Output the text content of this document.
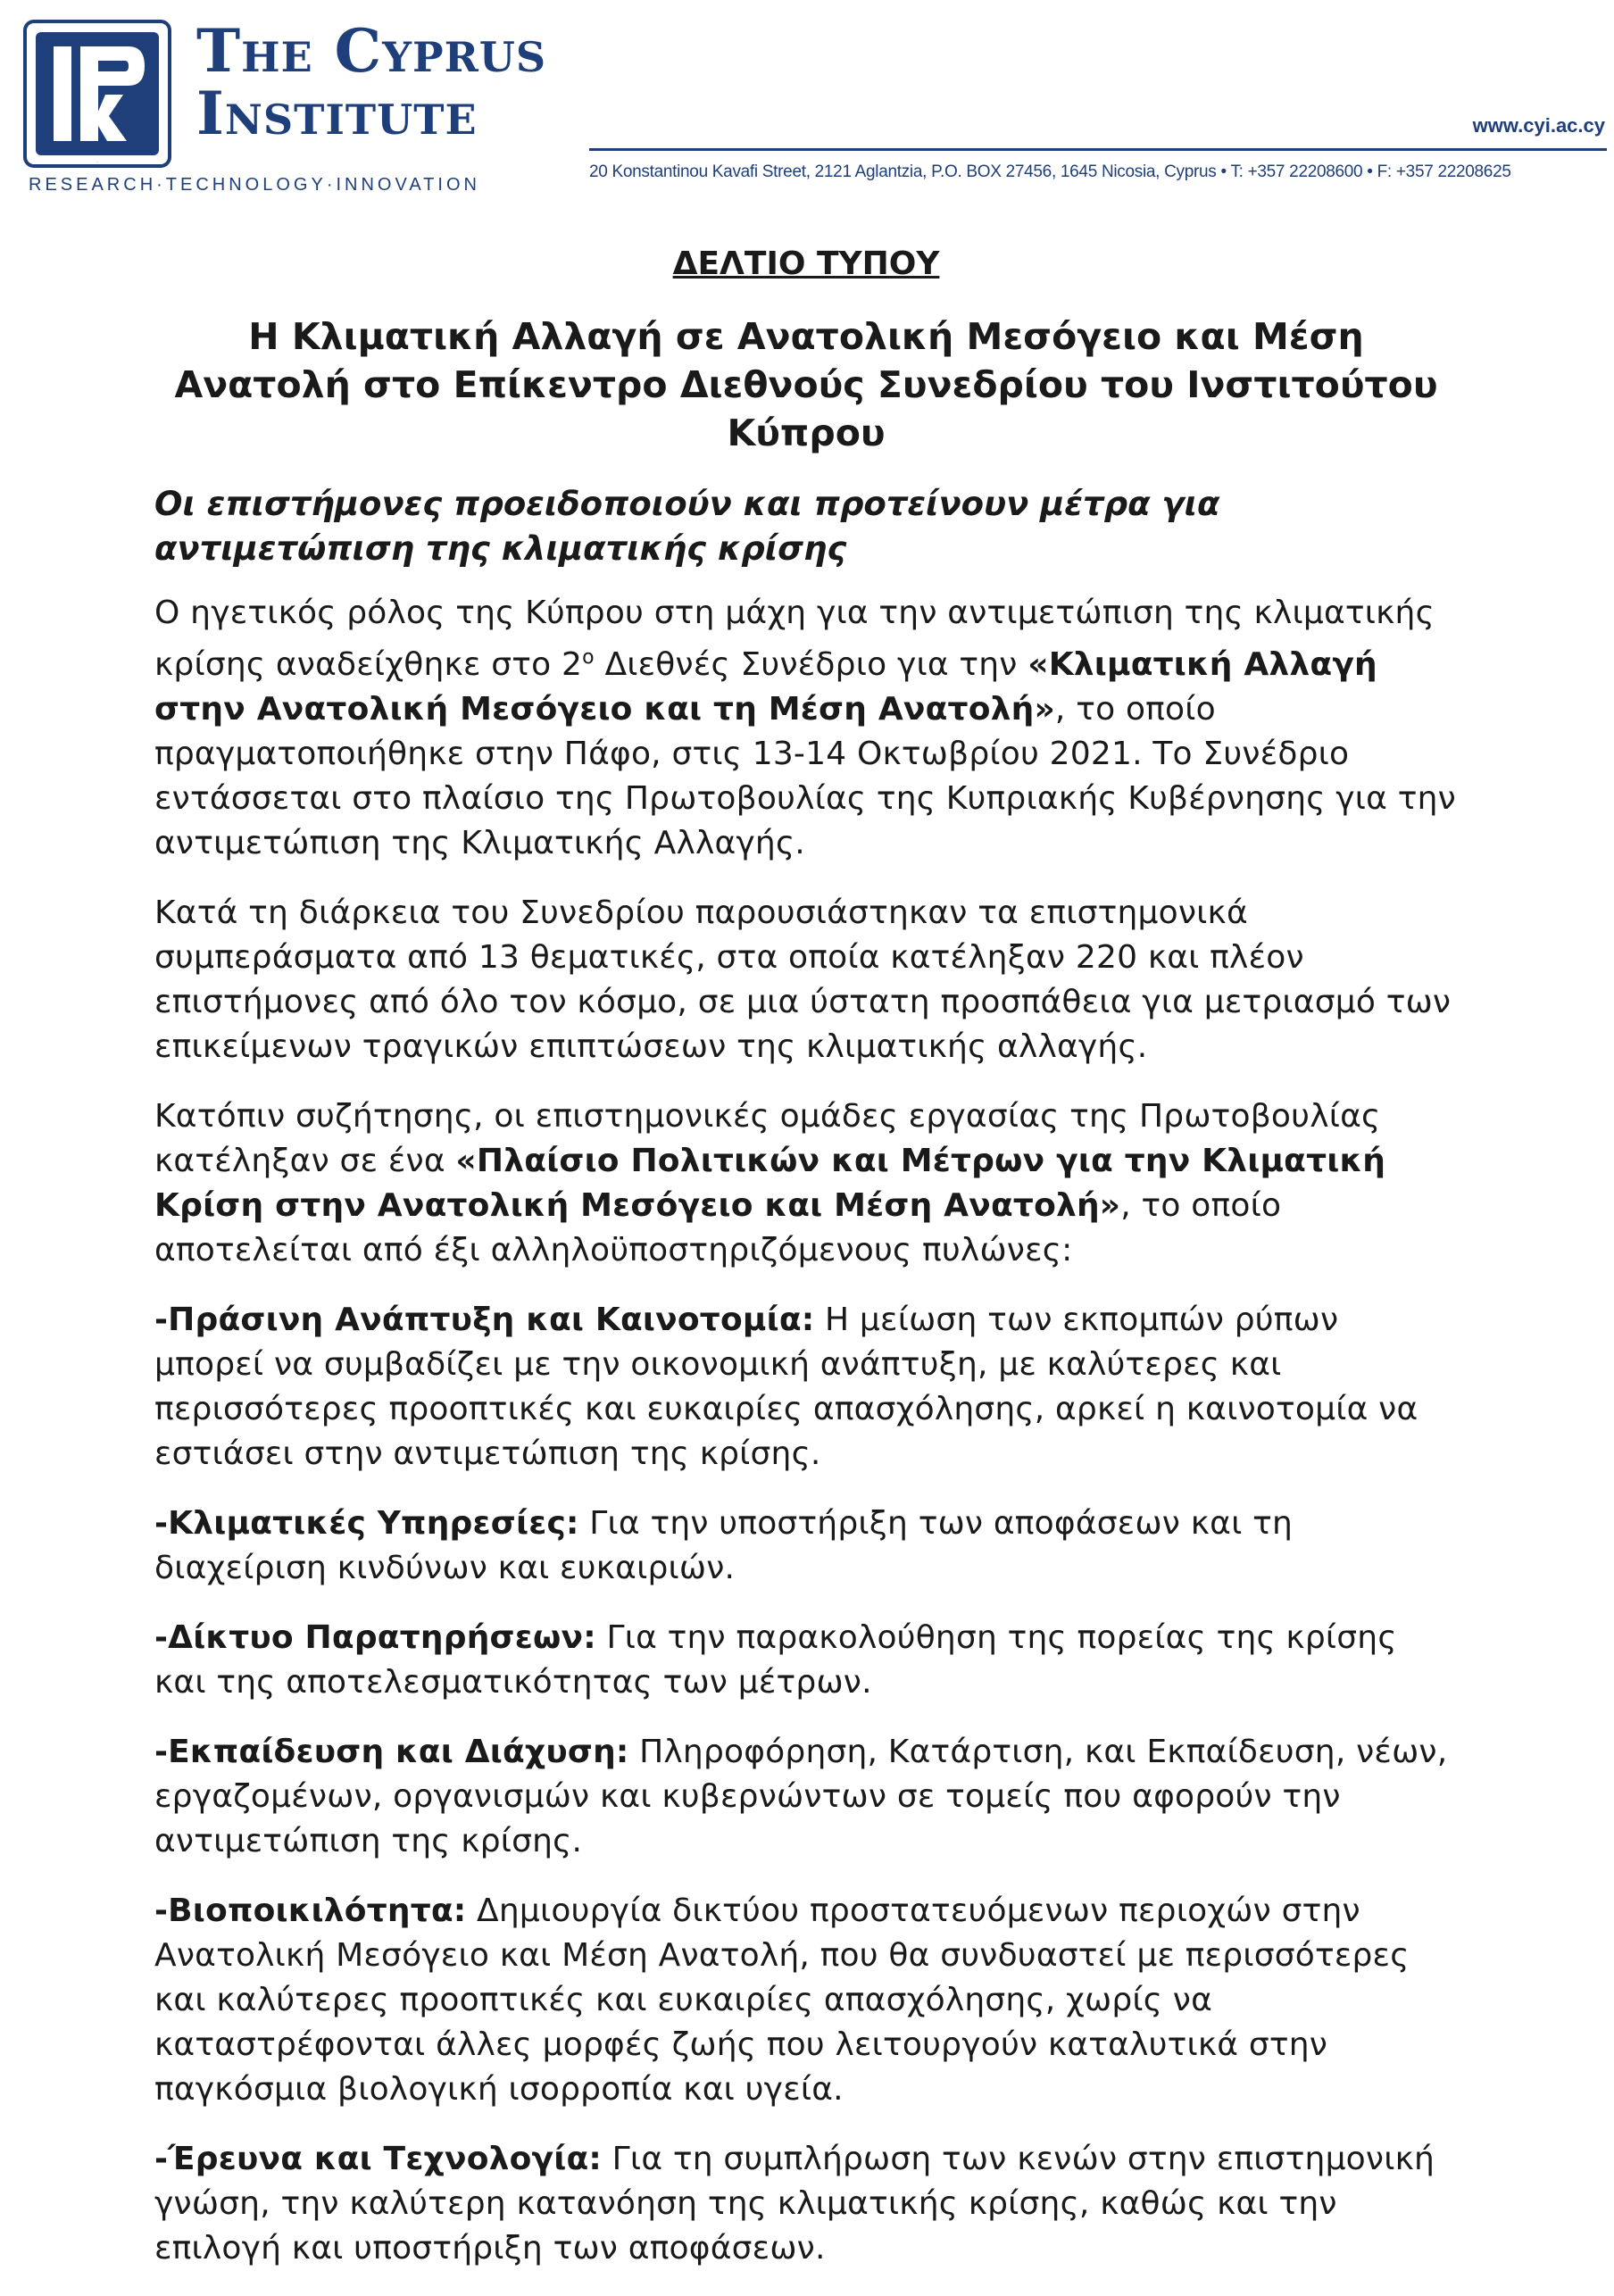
CyI
The Cyprus
Institute
RESEARCH·TECHNOLOGY·INNOVATION
www.cyi.ac.cy
20 Konstantinou Kavafi Street, 2121 Aglantzia, P.O. BOX 27456, 1645 Nicosia, Cyprus • T: +357 22208600 • F: +357 22208625
ΔΕΛΤΙΟ ΤΥΠΟΥ
Η Κλιματική Αλλαγή σε Ανατολική Μεσόγειο και Μέση Ανατολή στο Επίκεντρο Διεθνούς Συνεδρίου του Ινστιτούτου Κύπρου
Οι επιστήμονες προειδοποιούν και προτείνουν μέτρα για αντιμετώπιση της κλιματικής κρίσης

Ο ηγετικός ρόλος της Κύπρου στη μάχη για την αντιμετώπιση της κλιματικής κρίσης αναδείχθηκε στο $2^o$ Διεθνές Συνέδριο για την «Κλιματική Αλλαγή στην Ανατολική Μεσόγειο και τη Μέση Ανατολή», το οποίο πραγματοποιήθηκε στην Πάφο, στις 13-14 Οκτωβρίου 2021. Το Συνέδριο εντάσσεται στο πλαίσιο της Πρωτοβουλίας της Κυπριακής Κυβέρνησης για την αντιμετώπιση της Κλιματικής Αλλαγής.

Κατά τη διάρκεια του Συνεδρίου παρουσιάστηκαν τα επιστημονικά συμπεράσματα από 13 θεματικές, στα οποία κατέληξαν 220 και πλέον επιστήμονες από όλο τον κόσμο, σε μια ύστατη προσπάθεια για μετριασμό των επικείμενων τραγικών επιπτώσεων της κλιματικής αλλαγής.

Κατόπιν συζήτησης, οι επιστημονικές ομάδες εργασίας της Πρωτοβουλίας κατέληξαν σε ένα «Πλαίσιο Πολιτικών και Μέτρων για την Κλιματική Κρίση στην Ανατολική Μεσόγειο και Μέση Ανατολή», το οποίο αποτελείται από έξι αλληλοϋποστηριζόμενους πυλώνες:

-Πράσινη Ανάπτυξη και Καινοτομία: Η μείωση των εκπομπών ρύπων μπορεί να συμβαδίζει με την οικονομική ανάπτυξη, με καλύτερες και περισσότερες προοπτικές και ευκαιρίες απασχόλησης, αρκεί η καινοτομία να εστιάσει στην αντιμετώπιση της κρίσης.

-Κλιματικές Υπηρεσίες: Για την υποστήριξη των αποφάσεων και τη διαχείριση κινδύνων και ευκαιριών.

-Δίκτυο Παρατηρήσεων: Για την παρακολούθηση της πορείας της κρίσης και της αποτελεσματικότητας των μέτρων.

-Εκπαίδευση και Διάχυση: Πληροφόρηση, Κατάρτιση, και Εκπαίδευση, νέων, εργαζομένων, οργανισμών και κυβερνώντων σε τομείς που αφορούν την αντιμετώπιση της κρίσης.

-Βιοποικιλότητα: Δημιουργία δικτύου προστατευόμενων περιοχών στην Ανατολική Μεσόγειο και Μέση Ανατολή, που θα συνδυαστεί με περισσότερες και καλύτερες προοπτικές και ευκαιρίες απασχόλησης, χωρίς να καταστρέφονται άλλες μορφές ζωής που λειτουργούν καταλυτικά στην παγκόσμια βιολογική ισορροπία και υγεία.

-Έρευνα και Τεχνολογία: Για τη συμπλήρωση των κενών στην επιστημονική γνώση, την καλύτερη κατανόηση της κλιματικής κρίσης, καθώς και την επιλογή και υποστήριξη των αποφάσεων.
